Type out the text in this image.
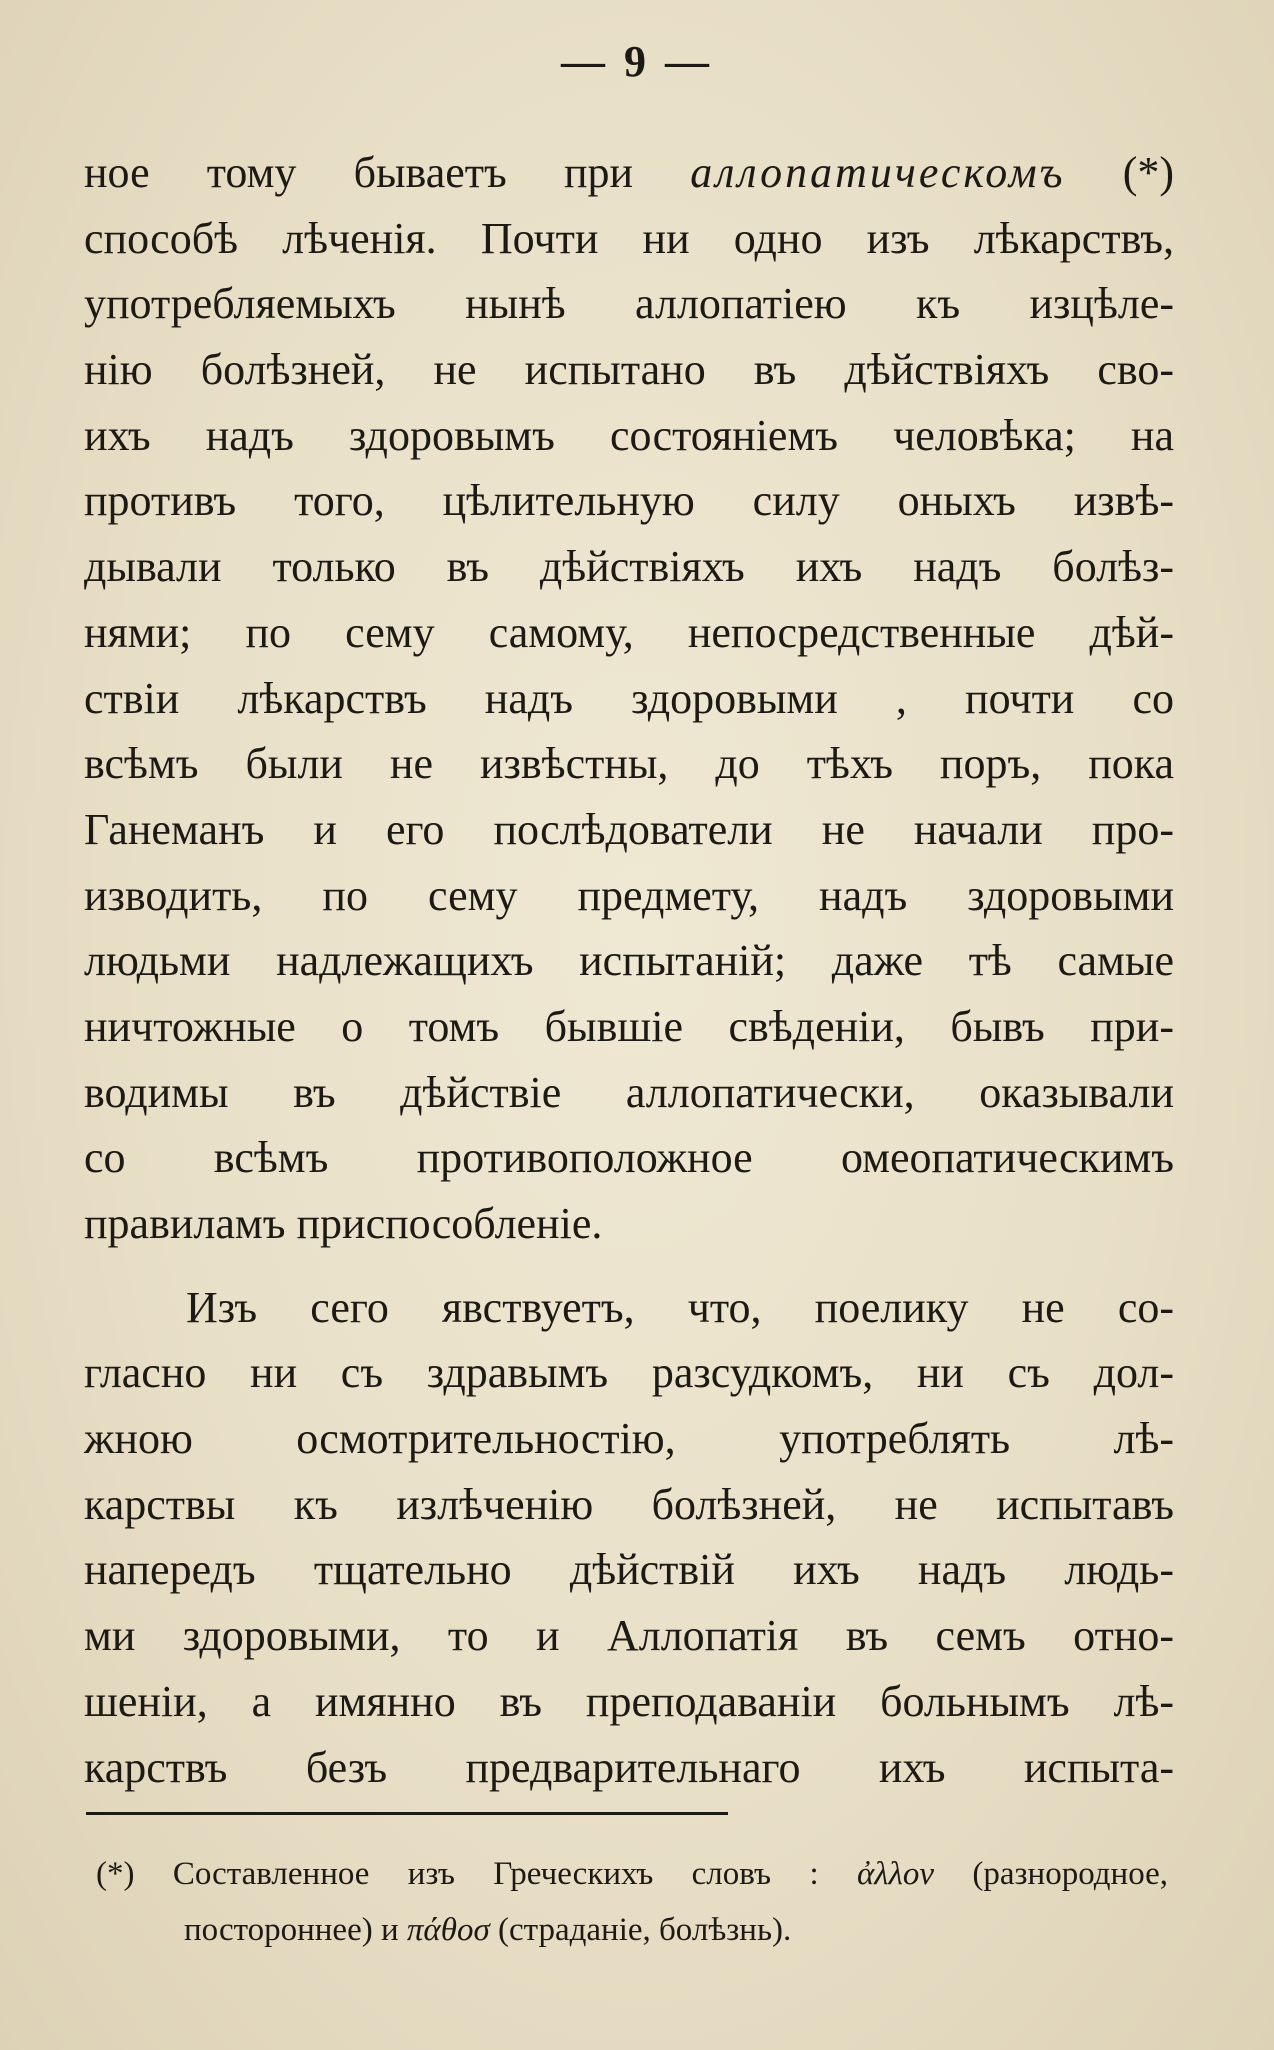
— 9 —
ное тому бываетъ при аллопатическомъ (*)
способѣ лѣченія. Почти ни одно изъ лѣкарствъ,
употребляемыхъ нынѣ аллопатіею къ изцѣле-
нію болѣзней, не испытано въ дѣйствіяхъ сво-
ихъ надъ здоровымъ состояніемъ человѣка; на
противъ того, цѣлительную силу оныхъ извѣ-
дывали только въ дѣйствіяхъ ихъ надъ болѣз-
нями; по сему самому, непосредственные дѣй-
ствіи лѣкарствъ надъ здоровыми , почти со
всѣмъ были не извѣстны, до тѣхъ поръ, пока
Ганеманъ и его послѣдователи не начали про-
изводить, по сему предмету, надъ здоровыми
людьми надлежащихъ испытаній; даже тѣ самые
ничтожные о томъ бывшіе свѣденіи, бывъ при-
водимы въ дѣйствіе аллопатически, оказывали
со всѣмъ противоположное омеопатическимъ
правиламъ приспособленіе.
Изъ сего явствуетъ, что, поелику не со-
гласно ни съ здравымъ разсудкомъ, ни съ дол-
жною осмотрительностію, употреблять лѣ-
карствы къ излѣченію болѣзней, не испытавъ
напередъ тщательно дѣйствій ихъ надъ людь-
ми здоровыми, то и Аллопатія въ семъ отно-
шеніи, а имянно въ преподаваніи больнымъ лѣ-
карствъ безъ предварительнаго ихъ испыта-
(*) Составленное изъ Греческихъ словъ : ἀλλον (разнородное,
постороннее) и πάθοσ (страданіе, болѣзнь).
